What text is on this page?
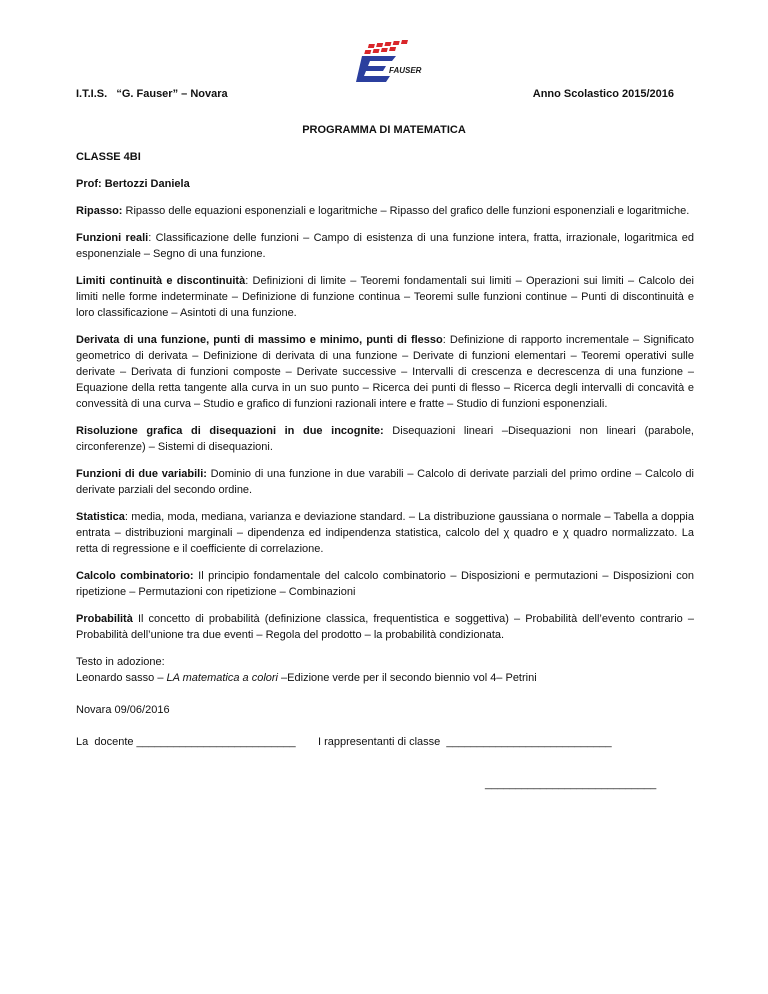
FAUSER
I.T.I.S.   “G. Fauser” – Novara	Anno Scolastico 2015/2016
PROGRAMMA DI MATEMATICA

CLASSE 4BI

Prof: Bertozzi Daniela

Ripasso: Ripasso delle equazioni esponenziali e logaritmiche – Ripasso del grafico delle funzioni esponenziali e logaritmiche.

Funzioni reali: Classificazione delle funzioni – Campo di esistenza di una funzione intera, fratta, irrazionale, logaritmica ed esponenziale – Segno di una funzione.

Limiti continuità e discontinuità: Definizioni di limite – Teoremi fondamentali sui limiti – Operazioni sui limiti – Calcolo dei limiti nelle forme indeterminate – Definizione di funzione continua – Teoremi sulle funzioni continue – Punti di discontinuità e loro classificazione – Asintoti di una funzione.

Derivata di una funzione, punti di massimo e minimo, punti di flesso: Definizione di rapporto incrementale – Significato geometrico di derivata – Definizione di derivata di una funzione – Derivate di funzioni elementari – Teoremi operativi sulle derivate – Derivata di funzioni composte – Derivate successive – Intervalli di crescenza e decrescenza di una funzione – Equazione della retta tangente alla curva in un suo punto – Ricerca dei punti di flesso – Ricerca degli intervalli di concavità e convessità di una curva – Studio e grafico di funzioni razionali intere e fratte – Studio di funzioni esponenziali.

Risoluzione grafica di disequazioni in due incognite: Disequazioni lineari –Disequazioni non lineari (parabole, circonferenze) – Sistemi di disequazioni.

Funzioni di due variabili: Dominio di una funzione in due varabili – Calcolo di derivate parziali del primo ordine – Calcolo di derivate parziali del secondo ordine.

Statistica: media, moda, mediana, varianza e deviazione standard. – La distribuzione gaussiana o normale – Tabella a doppia entrata – distribuzioni marginali – dipendenza ed indipendenza statistica, calcolo del χ quadro e χ quadro normalizzato. La retta di regressione e il coefficiente di correlazione.

Calcolo combinatorio: Il principio fondamentale del calcolo combinatorio – Disposizioni e permutazioni – Disposizioni con ripetizione – Permutazioni con ripetizione – Combinazioni

Probabilità Il concetto di probabilità (definizione classica, frequentistica e soggettiva) – Probabilità dell’evento contrario – Probabilità dell’unione tra due eventi – Regola del prodotto – la probabilità condizionata.

Testo in adozione:
Leonardo sasso – LA matematica a colori –Edizione verde per il secondo biennio vol 4– Petrini

Novara 09/06/2016

La  docente __________________________ I rappresentanti di classe  ___________________________
____________________________
